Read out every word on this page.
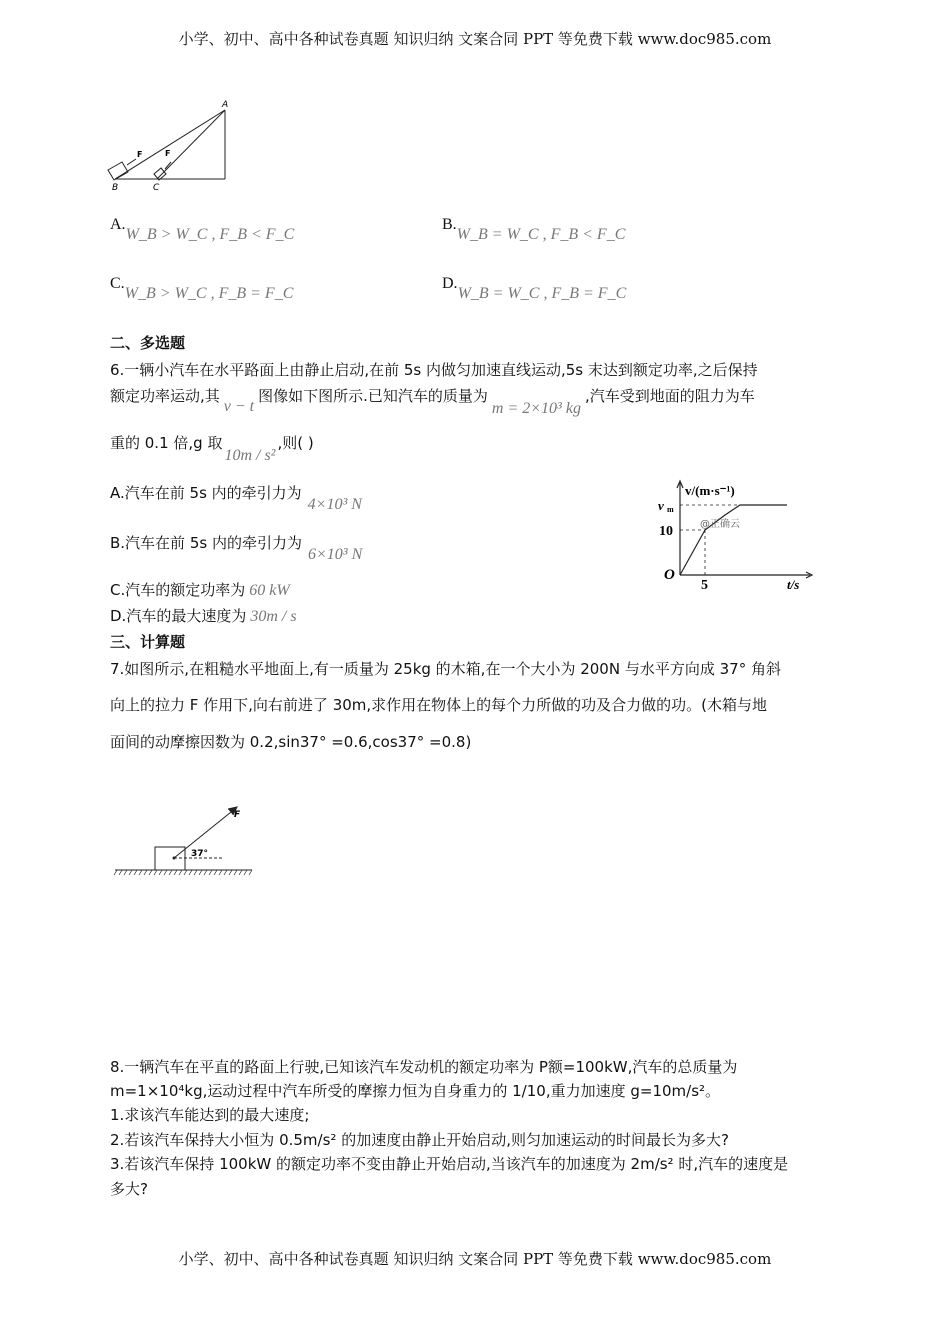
小学、初中、高中各种试卷真题 知识归纳 文案合同 PPT 等免费下载 www.doc985.com
A
B	C
F	F
A.W_B > W_C , F_B < F_C
B.W_B = W_C , F_B < F_C
C.W_B > W_C , F_B = F_C
D.W_B = W_C , F_B = F_C
二、多选题
6.一辆小汽车在水平路面上由静止启动,在前 5s 内做匀加速直线运动,5s 末达到额定功率,之后保持
额定功率运动,其v − t图像如下图所示.已知汽车的质量为m = 2×10³ kg,汽车受到地面的阻力为车
重的 0.1 倍,g 取10m / s²,则( )
A.汽车在前 5s 内的牵引力为4×10³ N
B.汽车在前 5s 内的牵引力为6×10³ N
C.汽车的额定功率为 60 kW
D.汽车的最大速度为 30m / s
v/(m·s⁻¹)
v m
10
O
5	t/s
@正确云
三、计算题
7.如图所示,在粗糙水平地面上,有一质量为 25kg 的木箱,在一个大小为 200N 与水平方向成 37° 角斜
向上的拉力 F 作用下,向右前进了 30m,求作用在物体上的每个力所做的功及合力做的功。(木箱与地
面间的动摩擦因数为 0.2,sin37° =0.6,cos37° =0.8)
F
37°
8.一辆汽车在平直的路面上行驶,已知该汽车发动机的额定功率为 P额=100kW,汽车的总质量为
m=1×10⁴kg,运动过程中汽车所受的摩擦力恒为自身重力的 1/10,重力加速度 g=10m/s²。
1.求该汽车能达到的最大速度;
2.若该汽车保持大小恒为 0.5m/s² 的加速度由静止开始启动,则匀加速运动的时间最长为多大?
3.若该汽车保持 100kW 的额定功率不变由静止开始启动,当该汽车的加速度为 2m/s² 时,汽车的速度是
多大?
小学、初中、高中各种试卷真题 知识归纳 文案合同 PPT 等免费下载 www.doc985.com
